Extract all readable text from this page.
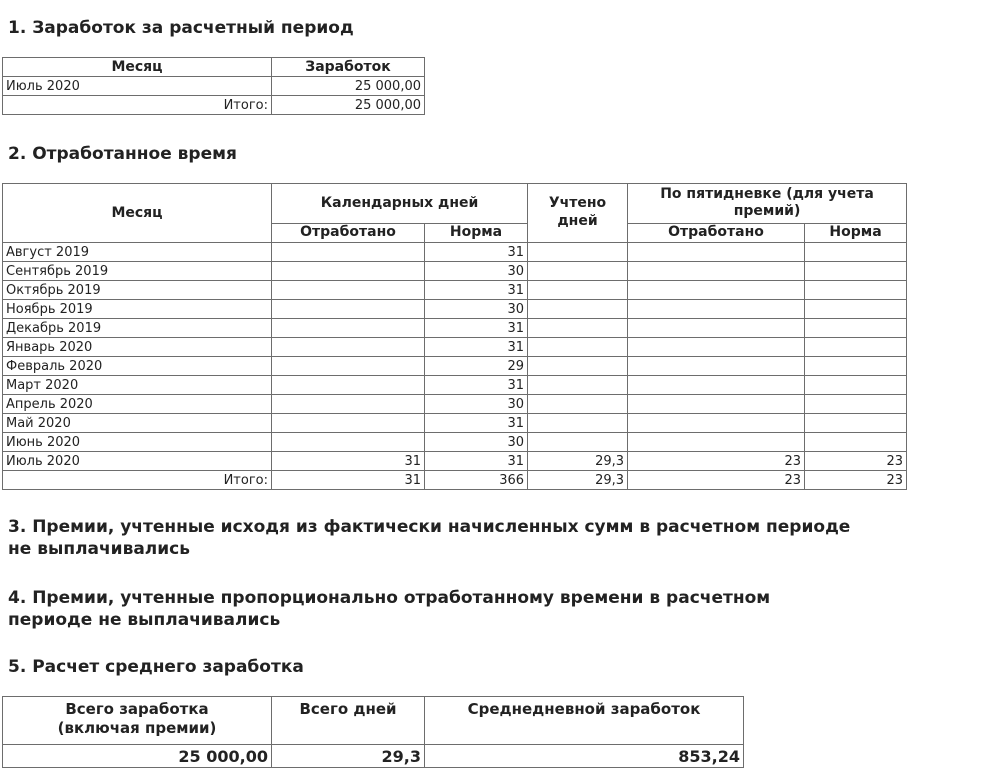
1. Заработок за расчетный период
Месяц	Заработок
Июль 2020	25 000,00
Итого:	25 000,00
2. Отработанное время
Месяц	Календарных дней		Учтено дней	По пятидневке (для учета премий)	
	Отработано	Норма		Отработано	Норма
Август 2019		31			
Сентябрь 2019		30			
Октябрь 2019		31			
Ноябрь 2019		30			
Декабрь 2019		31			
Январь 2020		31			
Февраль 2020		29			
Март 2020		31			
Апрель 2020		30			
Май 2020		31			
Июнь 2020		30			
Июль 2020	31	31	29,3	23	23
Итого:	31	366	29,3	23	23
3. Премии, учтенные исходя из фактически начисленных сумм в расчетном периоде
не выплачивались
4. Премии, учтенные пропорционально отработанному времени в расчетном
периоде не выплачивались
5. Расчет среднего заработка
Всего заработка
(включая премии)	Всего дней	Среднедневной заработок
25 000,00	29,3	853,24
